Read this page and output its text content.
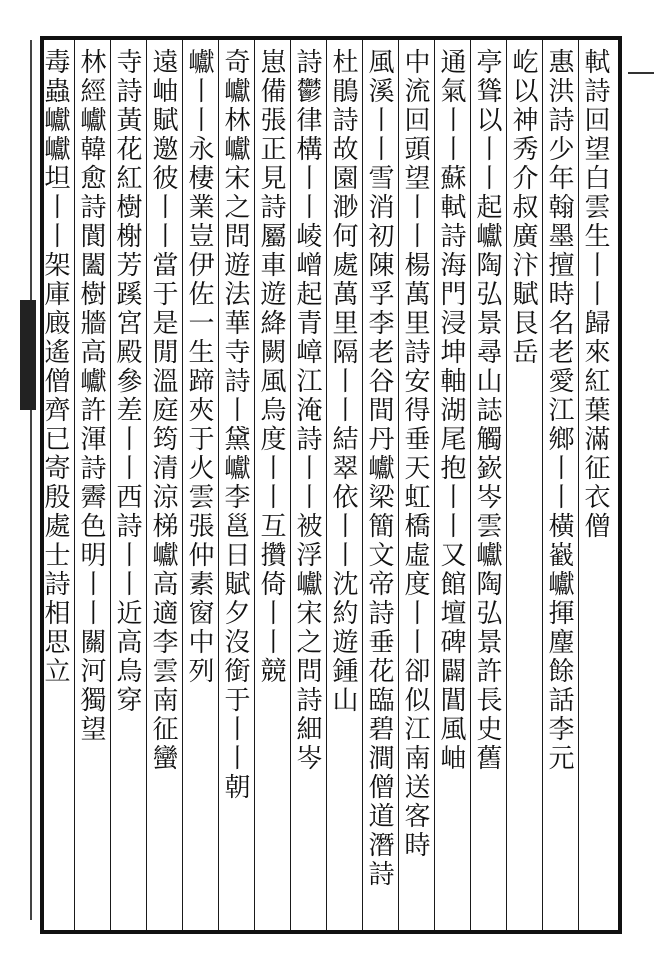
軾詩回望白雲生丨丨歸來紅葉滿征衣僧
惠洪詩少年翰墨擅時名老愛江鄉丨丨橫巀巘揮麈餘話李元
屹以神秀介叔廣汴賦艮岳
亭聳以丨丨起巘陶弘景尋山誌觸嶔岑雲巘陶弘景許長史舊
通氣丨丨蘇軾詩海門浸坤軸湖尾抱丨丨又館壇碑闢閶風岫
中流回頭望丨丨楊萬里詩安得垂天虹橋虛度丨丨卻似江南送客時
風溪丨丨雪消初陳孚李老谷間丹巘梁簡文帝詩垂花臨碧澗僧道潛詩
杜鵑詩故園渺何處萬里隔丨丨結翠依丨丨沈約遊鍾山
詩鬱律構丨丨崚嶒起青嶂江淹詩丨丨被浮巘宋之問詩細岑
崽備張正見詩屬車遊絳闕風烏度丨丨互攢倚丨丨競
奇巘林巘宋之問遊法華寺詩丨黛巘李邕日賦夕沒銜于丨丨朝
巘丨丨永棲業豈伊佐一生蹄夾于火雲張仲素窗中列
遠岫賦邀彼丨丨當于是閒溫庭筠清涼梯巘高適李雲南征蠻
寺詩黃花紅樹榭芳蹊宮殿參差丨丨西詩丨丨近高烏穿
林經巘韓愈詩閬闔樹牆高巘許渾詩霽色明丨丨關河獨望
毒蟲巘巘坦丨丨架庫廄遙僧齊已寄殷處士詩相思立
